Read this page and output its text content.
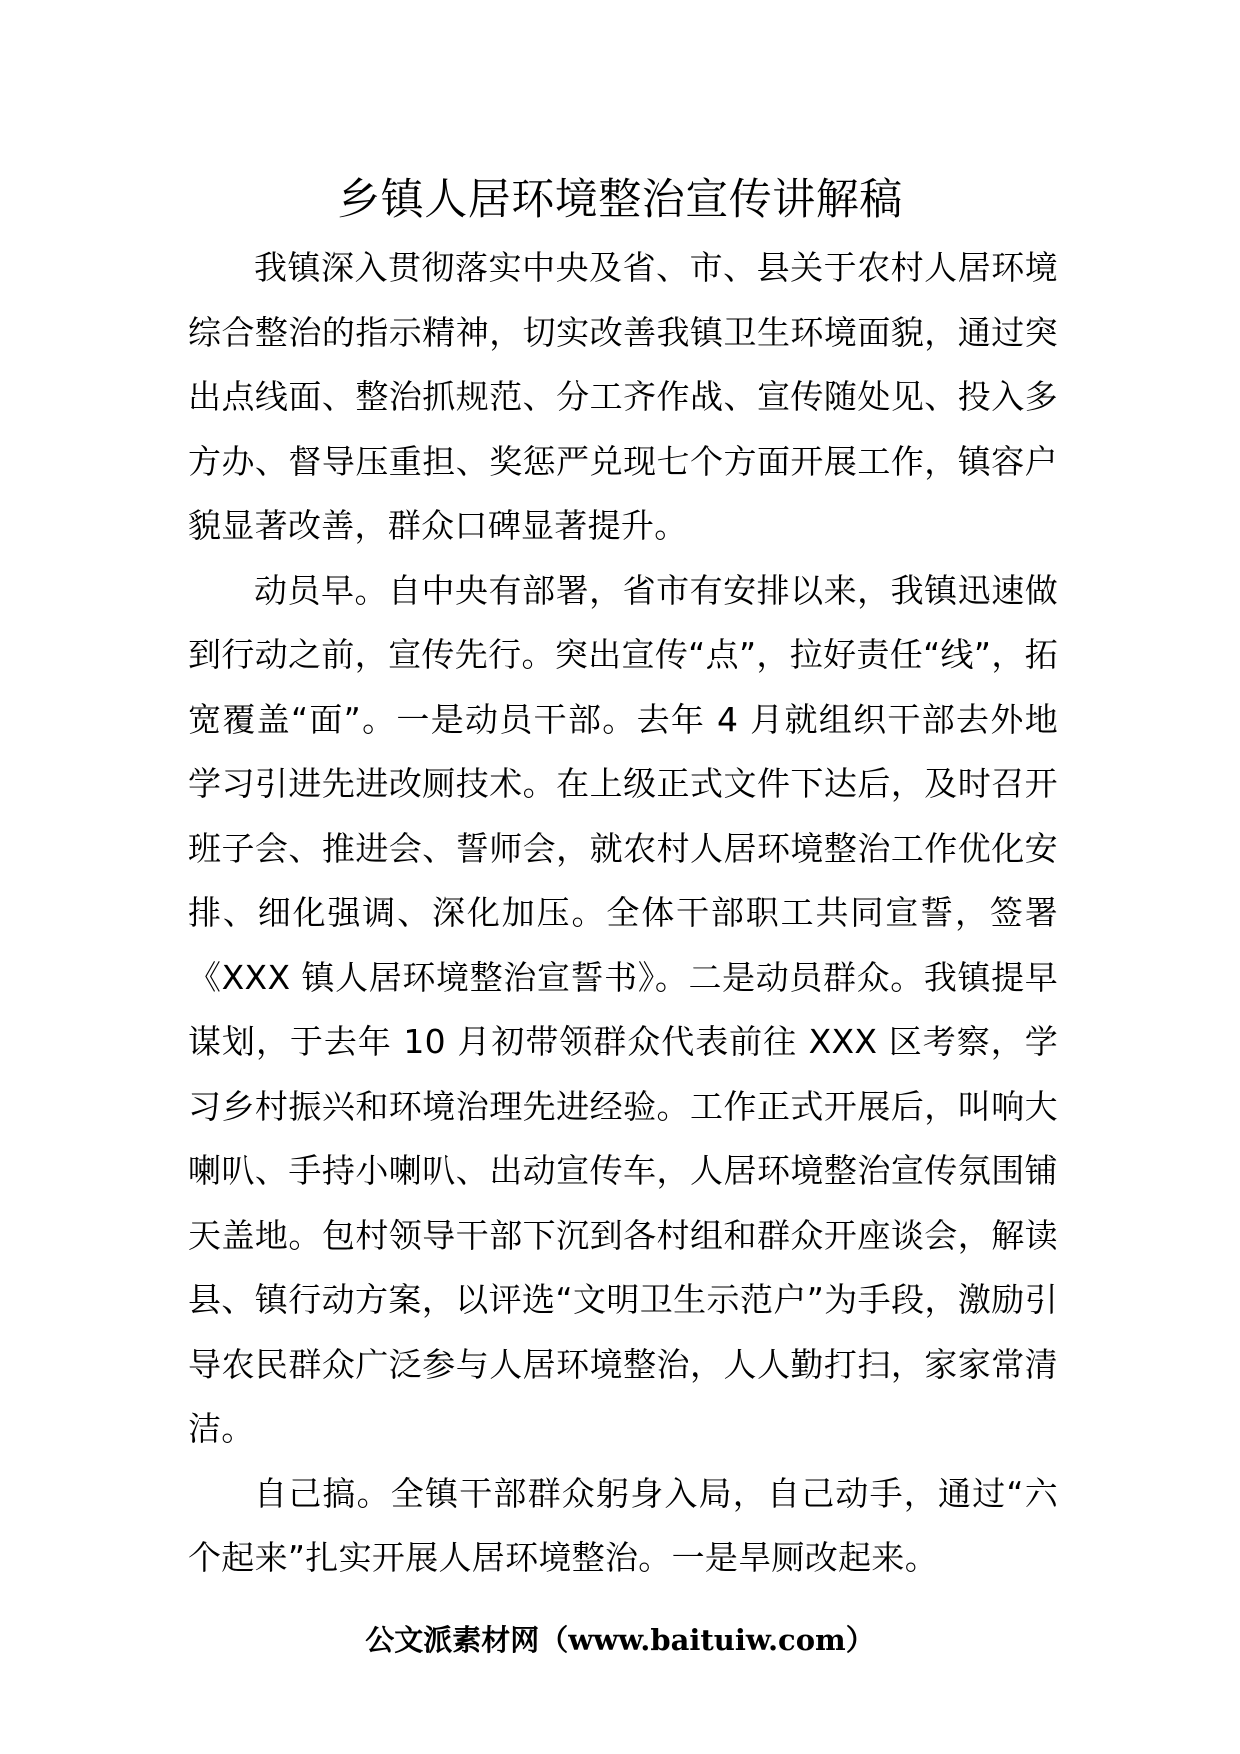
乡镇人居环境整治宣传讲解稿

我镇深入贯彻落实中央及省、市、县关于农村人居环境综合整治的指示精神，切实改善我镇卫生环境面貌，通过突出点线面、整治抓规范、分工齐作战、宣传随处见、投入多方办、督导压重担、奖惩严兑现七个方面开展工作，镇容户貌显著改善，群众口碑显著提升。

动员早。自中央有部署，省市有安排以来，我镇迅速做到行动之前，宣传先行。突出宣传“点”，拉好责任“线”，拓宽覆盖“面”。一是动员干部。去年 4 月就组织干部去外地学习引进先进改厕技术。在上级正式文件下达后，及时召开班子会、推进会、誓师会，就农村人居环境整治工作优化安排、细化强调、深化加压。全体干部职工共同宣誓，签署《XXX 镇人居环境整治宣誓书》。二是动员群众。我镇提早谋划，于去年 10 月初带领群众代表前往 XXX 区考察，学习乡村振兴和环境治理先进经验。工作正式开展后，叫响大喇叭、手持小喇叭、出动宣传车，人居环境整治宣传氛围铺天盖地。包村领导干部下沉到各村组和群众开座谈会，解读县、镇行动方案，以评选“文明卫生示范户”为手段，激励引导农民群众广泛参与人居环境整治，人人勤打扫，家家常清洁。

自己搞。全镇干部群众躬身入局，自己动手，通过“六个起来”扎实开展人居环境整治。一是旱厕改起来。

公文派素材网（www.baituiw.com）
